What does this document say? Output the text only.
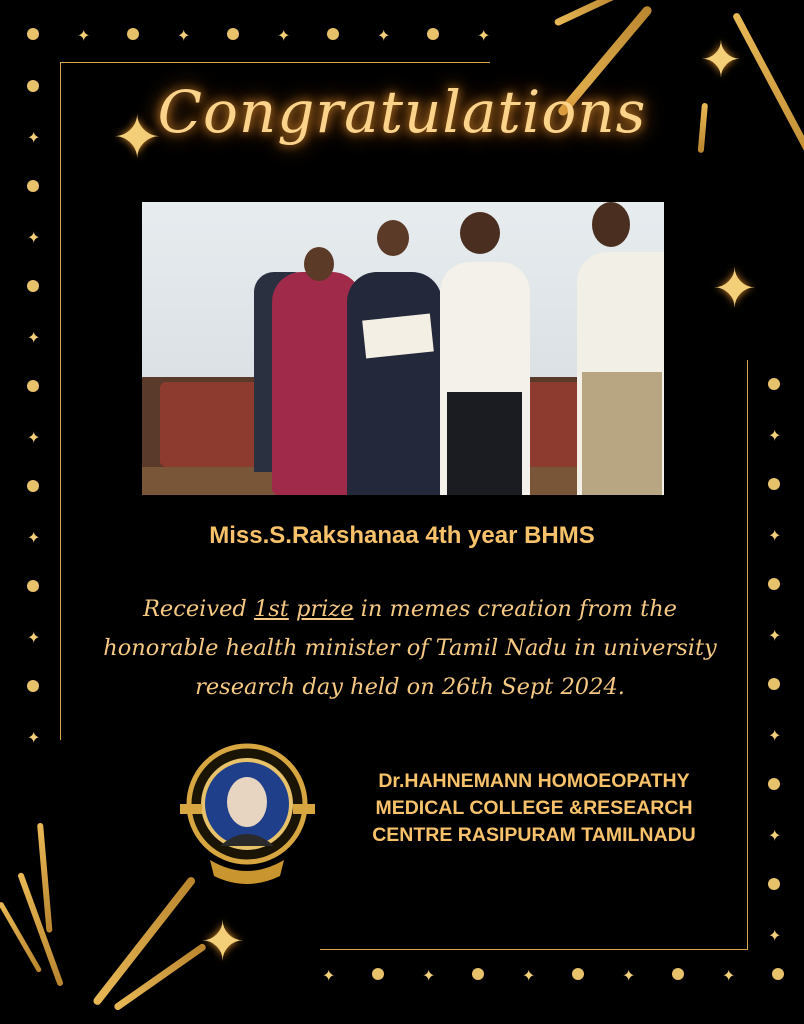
✦	✦	✦	✦	✦
✦
✦
✦
✦
✦
✦
✦
✦
✦
✦
✦
✦
✦
✦	✦	✦	✦	✦
✦
✦
✦
✦
Congratulations
Miss.S.Rakshanaa 4th year BHMS
Received 1st prize in memes creation from the honorable health minister of Tamil Nadu in university research day held on 26th Sept 2024.
Dr.HAHNEMANN HOMOEOPATHY
MEDICAL COLLEGE &RESEARCH
CENTRE RASIPURAM TAMILNADU
